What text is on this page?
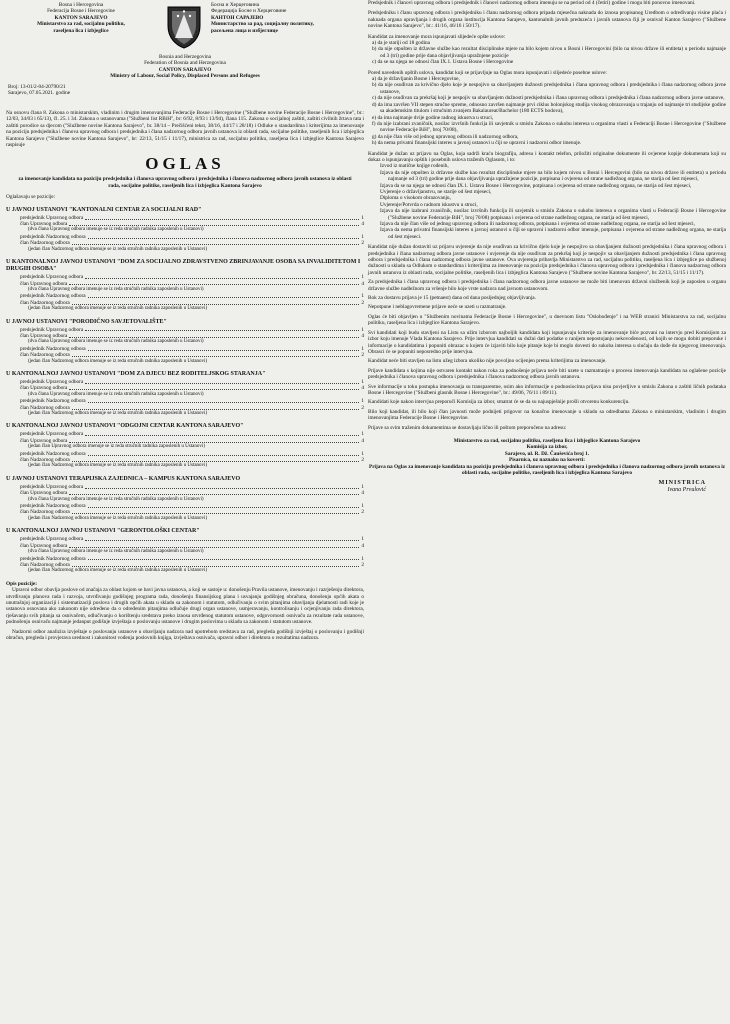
Bosna i Hercegovina

Federacija Bosne i Hercegovine

KANTON SARAJEVO

Ministarstvo za rad, socijalnu politiku,

raseljena lica i izbjeglice

Босна и Херцеговина

Федерација Босне и Херцеговине

КАНТОН САРАЈЕВО

Министарство за рад, социјалну политику,

расељена лица и избјеглице

Bosnia and Herzegovina

Federation of Bosnia and Herzegovina

CANTON SARAJEVO

Ministry of Labour, Social Policy, Displaced Persons and Refugees

Broj: 13-01/2-04-20790/21

Sarajevo, 07.05.2021. godine

Na osnovu člana 8. Zakona o ministarskim, vladinim i drugim imenovanjima Federacije Bosne i Hercegovine ("Službene novine Federacije Bosne i Hercegovine", br.: 12/03, 34/03 i 65/13), čl. 25. i 34. Zakona o ustanovama ("Službeni list RBiH", br: 6/92, 8/93 i 13/94), člana 115. Zakona o socijalnoj zaštiti, zaštiti civilnih žrtava rata i zaštiti porodice sa djecom ("Službene novine Kantona Sarajevo", br. 38/14 – Prečišćeni tekst, 38/16, 44/17 i 28/18) i Odluke o standardima i kriterijima za imenovanje na poziciju predsjednika i članova upravnog odbora i predsjednika i člana nadzornog odbora javnih ustanova iz oblasti rada, socijalne politike, raseljenih lica i izbjeglica Kantona Sarajevo ("Službene novine Kantona Sarajevo", br: 22/13, 51/15 i 11/17), ministrica za rad, socijalnu politiku, raseljena lica i izbjeglice Kantona Sarajevo raspisuje

OGLAS

za imenovanje kandidata na poziciju predsjednika i članova upravnog odbora i predsjednika i članova nadzornog odbora javnih ustanova iz oblasti rada, socijalne politike, raseljenih lica i izbjeglica Kantona Sarajevo

Oglašavaju se pozicije:

U JAVNOJ USTANOVI "KANTONALNI CENTAR ZA SOCIJALNI RAD"

predsjednik Upravnog odbora	1
član Upravnog odbora	4
(dva člana Upravnog odbora imenuje se iz reda stručnih radnika zaposlenih u Ustanovi)
predsjednik Nadzornog odbora	1
član Nadzornog odbora	2
(jedan član Nadzornog odbora imenuje se iz reda stručnih radnika zaposlenih u Ustanovi)

U KANTONALNOJ JAVNOJ USTANOVI "DOM ZA SOCIJALNO ZDRAVSTVENO ZBRINJAVANJE OSOBA SA INVALIDITETOM I DRUGIH OSOBA"

predsjednik Upravnog odbora	1
član Upravnog odbora	4
(dva člana Upravnog odbora imenuje se iz reda stručnih radnika zaposlenih u Ustanovi)
predsjednik Nadzornog odbora	1
član Nadzornog odbora	2
(jedan član Nadzornog odbora imenuje se iz reda stručnih radnika zaposlenih u Ustanovi)

U JAVNOJ USTANOVI "PORODIČNO SAVJETOVALIŠTE"

predsjednik Upravnog odbora	1
član Upravnog odbora	4
(dva člana Upravnog odbora imenuje se iz reda stručnih radnika zaposlenih u Ustanovi)
predsjednik Nadzornog odbora	1
član Nadzornog odbora	2
(jedan član Nadzornog odbora imenuje se iz reda stručnih radnika zaposlenih u Ustanovi)

U KANTONALNOJ JAVNOJ USTANOVI "DOM ZA DJECU BEZ RODITELJSKOG STARANJA"

predsjednik Upravnog odbora	1
član Upravnog odbora	4
(dva člana Upravnog odbora imenuje se iz reda stručnih radnika zaposlenih u Ustanovi)
predsjednik Nadzornog odbora	1
član Nadzornog odbora	2
(jedan član Nadzornog odbora imenuje se iz reda stručnih radnika zaposlenih u Ustanovi)

U KANTONALNOJ JAVNOJ USTANOVI "ODGOJNI CENTAR KANTONA SARAJEVO"

predsjednik Upravnog odbora	1
član Upravnog odbora	4
(jedan član Upravnog odbora imenuje se iz reda stručnih radnika zaposlenih u Ustanovi)
predsjednik Nadzornog odbora	1
član Nadzornog odbora	2
(jedan član Nadzornog odbora imenuje se iz reda stručnih radnika zaposlenih u Ustanovi)

U JAVNOJ USTANOVI TERAPIJSKA ZAJEDNICA – KAMPUS KANTONA SARAJEVO

predsjednik Upravnog odbora	1
član Upravnog odbora	4
(dva člana Upravnog odbora imenuje se iz reda stručnih radnika zaposlenih u Ustanovi)
predsjednik Nadzornog odbora	1
član Nadzornog odbora	2
(jedan član Nadzornog odbora imenuje se iz reda stručnih radnika zaposlenih u Ustanovi)

U KANTONALNOJ JAVNOJ USTANOVI "GERONTOLOŠKI CENTAR"

predsjednik Upravnog odbora	1
član Upravnog odbora	4
(dva člana Upravnog odbora imenuje se iz reda stručnih radnika zaposlenih u Ustanovi)
predsjednik Nadzornog odbora	1
član Nadzornog odbora	2
(jedan član Nadzornog odbora imenuje se iz reda stručnih radnika zaposlenih u Ustanovi)

Opis pozicije:

Upravni odbor obavlja poslove od značaja za oblast kojom se bavi javna ustanova, a koji se sastoje u: donošenju Pravila ustanove, imenovanju i razrješenju direktora, utvrđivanju planova rada i razvoja, utvrđivanju godišnjeg programa rada, donošenju finansijskog plana i usvajanju godišnjeg obračuna, donošenju općih akata o unutrašnjoj organizaciji i sistematizaciji poslova i drugih općih akata u skladu sa zakonom i statutom, odlučivanju o svim pitanjima obavljanja djelatnosti radi koje je ustanova osnovana ako zakonom nije određeno da o određenim pitanjima odlučuje drugi organ ustanove, usmjeravanju, kontrolisanju i ocjenjivanju rada direktora, rješavanju svih pitanja sa osnivačem, odlučivanju o korištenju sredstava preko iznosa utvrđenog statutom ustanove, odgovornosti osnivaču za rezultate rada ustanove, podnošenju osnivaču najmanje jedanput godišnje izvještaja o poslovanju ustanove i drugim poslovima u skladu sa zakonom i statutom ustanove.

Nadzorni odbor analizira izvještaje o poslovanju ustanove u obavljanju nadzora nad upotrebom sredstava za rad, pregleda godišnji izvještaj o poslovanju i godišnji obračun, pregleda i provjerava urednost i zakonitost vođenja poslovnih knjiga, izvještava osnivača, upravni odbor i direktora o rezultatima nadzora.

Predsjednik i članovi upravnog odbora i predsjednik i članovi nadzornog odbora imenuju se na period od 4 (četiri) godine i mogu biti ponovno imenovani.

Predsjedniku i članu upravnog odbora i predsjedniku i članu nadzornog odbora pripada mjesečna naknada do iznosa propisanog Uredbom o određivanju visine plaća i naknada organa upravljanja i drugih organa institucija Kantona Sarajevo, kantonalnih javnih preduzeća i javnih ustanova čiji je osnivač Kanton Sarajevo ("Službene novine Kantona Sarajevo", br.: 41/16, 46/16 i 50/17).

Kandidat za imenovanje mora ispunjavati slijedeće opšte uslove:

a) da je stariji od 18 godina

b) da nije otpušten iz državne službe kao rezultat disciplinske mjere na bilo kojem nivou u Bosni i Hercegovini (bilo na nivou države ili entiteta) u periodu najmanje od 3 (tri) godine prije dana objavljivanja upražnjene pozicije

c) da se na njega ne odnosi član IX.1. Ustava Bosne i Hercegovine

Pored navedenih opštih uslova, kandidat koji se prijavljuje na Oglas mora ispunjavati i slijedeće posebne uslove:

a) da je državljanin Bosne i Hercegovine,

b) da nije osuđivan za krivično djelo koje je nespojivo sa obavljanjem dužnosti predsjednika i člana upravnog odbora i predsjednika i člana nadzornog odbora javne ustanove,

c) da nije osuđivan za prekršaj koji je nespojiv sa obavljanjem dužnosti predsjednika i člana upravnog odbora i predsjednika i člana nadzornog odbora javne ustanove,

d) da ima završen VII stepen stručne spreme, odnosno završen najmanje prvi ciklus bolonjskog studija visokog obrazovanja u trajanju od najmanje tri studijske godine sa akademskim titulom i stručnim zvanjem Bakalaureat/Bachelor (180 ECTS bodova),

e) da ima najmanje dvije godine radnog iskustva u struci,

f) da nije izabrani zvaničnik, nosilac izvršnih funkcija ili savjetnik u smislu Zakona o sukobu interesa u organima vlasti u Federaciji Bosne i Hercegovine ("Službene novine Federacije BiH", broj 70/08),

g) da nije član više od jednog upravnog odbora ili nadzornog odbora,

h) da nema privatni finansijski interes u javnoj ustanovi u čiji se upravni i nadzorni odbor imenuje.

Kandidat je dužan uz prijavu na Oglas, koja sadrži kraću biografiju, adresu i kontakt telefon, priložiti originalne dokumente ili ovjerene kopije dokumenata koji su dokaz o ispunjavanju opštih i posebnih uslova traženih Oglasom, i to:

Izvod iz matične knjige rođenih,

Izjava da nije otpušten iz državne službe kao rezultat disciplinske mjere na bilo kojem nivou u Bosni i Hercegovini (bilo na nivou države ili entiteta) u periodu najmanje od 3 (tri) godine prije dana objavljivanja upražnjene pozicije, potpisana i ovjerena od strane nadležnog organa, ne starija od šest mjeseci,

Izjava da se na njega ne odnosi član IX.1. Ustava Bosne i Hercegovine, potpisana i ovjerena od strane nadležnog organa, ne starija od šest mjeseci,

Uvjerenje o državljanstvu, ne starije od šest mjeseci,

Diploma o visokom obrazovanju,

Uvjerenje/Potvrda o radnom iskustvu u struci,

Izjava da nije izabrani zvaničnik, nosilac izvršnih funkcija ili savjetnik u smislu Zakona o sukobu interesa u organima vlasti u Federaciji Bosne i Hercegovine ("Službene novine Federacije BiH", broj 70/08) potpisana i ovjerena od strane nadležnog organa, ne starija od šest mjeseci,

Izjava da nije član više od jednog upravnog odbora ili nadzornog odbora, potpisana i ovjerena od strane nadležnog organa, ne starija od šest mjeseci,

Izjava da nema privatni finansijski interes u javnoj ustanovi u čiji se upravni i nadzorni odbor imenuje, potpisana i ovjerena od strane nadležnog organa, ne starija od šest mjeseci.

Kandidat nije dužan dostaviti uz prijavu uvjerenje da nije osuđivan za krivično djelo koje je nespojivo sa obavljanjem dužnosti predsjednika i člana upravnog odbora i predsjednika i člana nadzornog odbora javne ustanove i uvjerenje da nije osuđivan za prekršaj koji je nespojiv sa obavljanjem dužnosti predsjednika i člana upravnog odbora i predsjednika i člana nadzornog odbora javne ustanove. Ova uvjerenja pribavlja Ministarstvo za rad, socijalnu politiku, raseljena lica i izbjeglice po službenoj dužnosti u skladu sa Odlukom o standardima i kriterijima za imenovanje na poziciju predsjednika i članova upravnog odbora i predsjednika i članova nadzornog odbora javnih ustanova iz oblasti rada, socijalne politike, raseljenih lica i izbjeglica Kantona Sarajevo ("Službene novine Kantona Sarajevo", br. 22/13, 51/15 i 11/17).

Za predsjednika i člana upravnog odbora i predsjednika i člana nadzornog odbora javne ustanove ne može biti imenovan državni službenik koji je zaposlen u organu državne službe nadležnom za vršenje bilo koje vrste nadzora nad javnom ustanovom.

Rok za dostavu prijava je 15 (petnaest) dana od dana posljednjeg objavljivanja.

Nepotpune i neblagovremene prijave neće se uzeti u razmatranje.

Oglas će biti objavljen u "Službenim novinama Federacije Bosne i Hercegovine", u dnevnom listu "Oslobođenje" i na WEB stranici Ministarstva za rad, socijalnu politiku, raseljena lica i izbjeglice Kantona Sarajevo.

Svi kandidati koji budu stavljeni na Listu sa užim izborom najboljih kandidata koji ispunjavaju kriterije za imenovanje biće pozvani na intervju pred Komisijom za izbor koju imenuje Vlada Kantona Sarajevo. Prije intervjua kandidati su dužni dati podatke o ranijem nepostojanju nekovođenosti, od kojih se mogu dobiti preporuke i informacije o kandidatima i popuniti obrazac u kojem će izjaviti bilo koje pitanje koje bi moglo dovesti do sukoba interesa u slučaju da dođe do njegovog imenovanja. Obrasci će se popuniti neposredno prije intervjua.

Kandidat neće biti stavljen na listu užeg izbora ukoliko nije povoljno ocijenjen prema kriterijima za imenovanje.

Prijave kandidata s kojima nije ostvaren kontakt nakon roka za podnošenje prijava neće biti uzete u razmatranje u procesu imenovanja kandidata na oglašene pozicije predsjednika i članova upravnog odbora i predsjednika i članova nadzornog odbora javnih ustanova.

Sve informacije u toku postupka imenovanja su transparentne, osim ako informacije o podnosiocima prijava nisu povjerljive u smislu Zakona o zaštiti ličnih podataka Bosne i Hercegovine ("Službeni glasnik Bosne i Hercegovine", br.: 49/06, 76/11 i 89/11).

Kandidati koje nakon intervjua preporuči Komisija za izbor, smatrat će se da su najuspješnije prošli otvorenu konkurenciju.

Bilo koji kandidat, ili bilo koji član javnosti može podnijeti prigovor na konačno imenovanje u skladu sa odredbama Zakona o ministarskim, vladinim i drugim imenovanjima Federacije Bosne i Hercegovine.

Prijave sa svim traženim dokumentima se dostavljaju lično ili poštom preporučeno na adresu:

Ministarstvo za rad, socijalnu politiku, raseljena lica i izbjeglice Kantona Sarajevo

Komisija za izbor,

Sarajevo, ul. R. Dž. Čauševića broj 1.

Pisarnica, uz naznaku na koverti:

Prijava na Oglas za imenovanje kandidata na poziciju predsjednika i članova upravnog odbora i predsjednika i članova nadzornog odbora javnih ustanova iz oblasti rada, socijalne politike, raseljenih lica i izbjeglica Kantona Sarajevo

MINISTRICA
Ivana Prvulović
